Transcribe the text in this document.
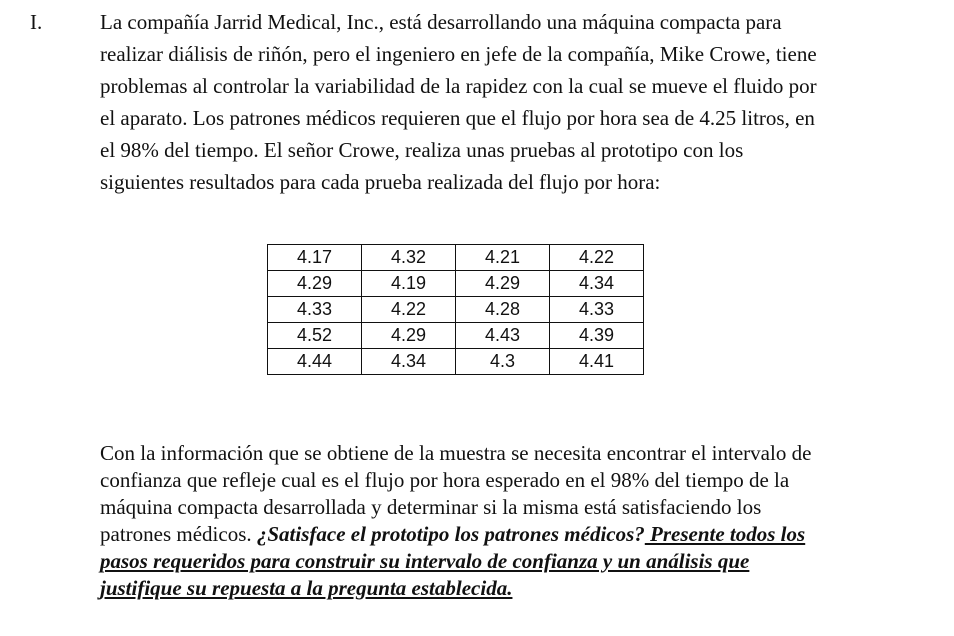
I.	La compañía Jarrid Medical, Inc., está desarrollando una máquina compacta para
realizar diálisis de riñón, pero el ingeniero en jefe de la compañía, Mike Crowe, tiene
problemas al controlar la variabilidad de la rapidez con la cual se mueve el fluido por
el aparato. Los patrones médicos requieren que el flujo por hora sea de 4.25 litros, en
el 98% del tiempo. El señor Crowe, realiza unas pruebas al prototipo con los
siguientes resultados para cada prueba realizada del flujo por hora:

4.17	4.32	4.21	4.22
4.29	4.19	4.29	4.34
4.33	4.22	4.28	4.33
4.52	4.29	4.43	4.39
4.44	4.34	4.3	4.41

Con la información que se obtiene de la muestra se necesita encontrar el intervalo de
confianza que refleje cual es el flujo por hora esperado en el 98% del tiempo de la
máquina compacta desarrollada y determinar si la misma está satisfaciendo los
patrones médicos. ¿Satisface el prototipo los patrones médicos? Presente todos los
pasos requeridos para construir su intervalo de confianza y un análisis que
justifique su repuesta a la pregunta establecida.
